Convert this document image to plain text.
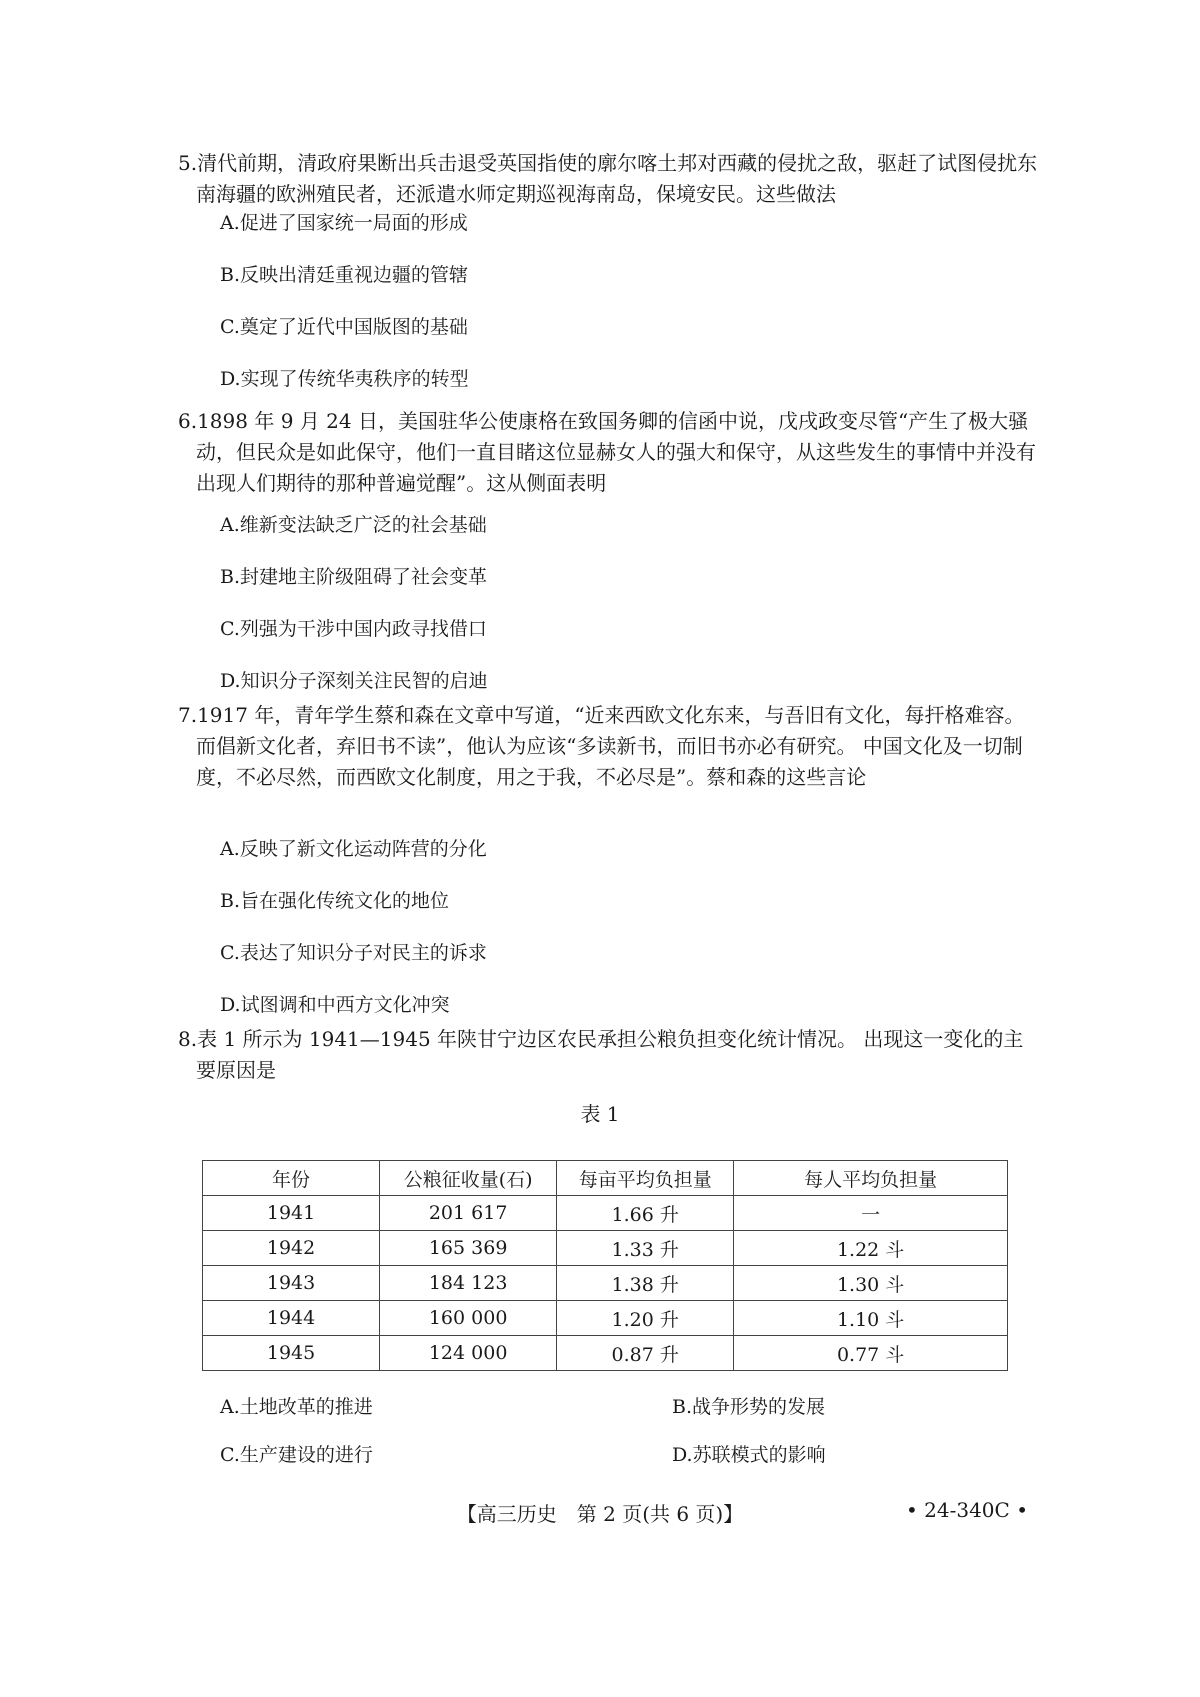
5.清代前期，清政府果断出兵击退受英国指使的廓尔喀土邦对西藏的侵扰之敌，驱赶了试图侵扰东南海疆的欧洲殖民者，还派遣水师定期巡视海南岛，保境安民。这些做法

A.促进了国家统一局面的形成
B.反映出清廷重视边疆的管辖
C.奠定了近代中国版图的基础
D.实现了传统华夷秩序的转型

6.1898 年 9 月 24 日，美国驻华公使康格在致国务卿的信函中说，戊戌政变尽管“产生了极大骚动，但民众是如此保守，他们一直目睹这位显赫女人的强大和保守，从这些发生的事情中并没有出现人们期待的那种普遍觉醒”。这从侧面表明

A.维新变法缺乏广泛的社会基础
B.封建地主阶级阻碍了社会变革
C.列强为干涉中国内政寻找借口
D.知识分子深刻关注民智的启迪

7.1917 年，青年学生蔡和森在文章中写道，“近来西欧文化东来，与吾旧有文化，每扞格难容。而倡新文化者，弃旧书不读”，他认为应该“多读新书，而旧书亦必有研究。 中国文化及一切制度，不必尽然，而西欧文化制度，用之于我，不必尽是”。蔡和森的这些言论

A.反映了新文化运动阵营的分化
B.旨在强化传统文化的地位
C.表达了知识分子对民主的诉求
D.试图调和中西方文化冲突

8.表 1 所示为 1941—1945 年陕甘宁边区农民承担公粮负担变化统计情况。 出现这一变化的主要原因是

表 1
年份	公粮征收量(石)	每亩平均负担量	每人平均负担量
1941	201 617	1.66 升	一
1942	165 369	1.33 升	1.22 斗
1943	184 123	1.38 升	1.30 斗
1944	160 000	1.20 升	1.10 斗
1945	124 000	0.87 升	0.77 斗
A.土地改革的推进	B.战争形势的发展
C.生产建设的进行	D.苏联模式的影响
【高三历史　第 2 页(共 6 页)】	• 24-340C •
